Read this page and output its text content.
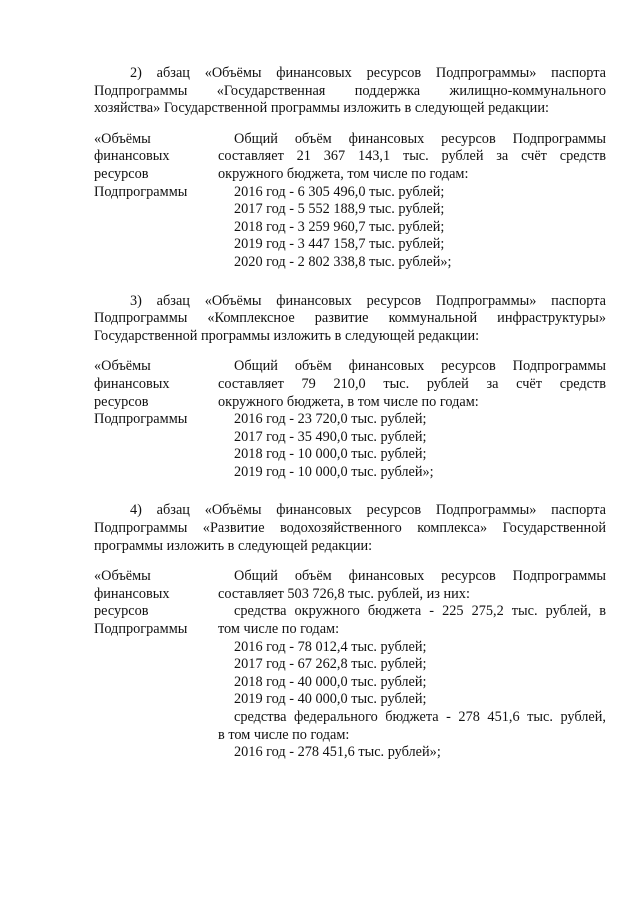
2) абзац «Объёмы финансовых ресурсов Подпрограммы» паспорта
Подпрограммы «Государственная поддержка жилищно-коммунального
хозяйства» Государственной программы изложить в следующей редакции:
«Объёмы
финансовых
ресурсов
Подпрограммы
Общий объём финансовых ресурсов Подпрограммы
составляет 21 367 143,1 тыс. рублей за счёт средств
окружного бюджета, том числе по годам:
2016 год - 6 305 496,0 тыс. рублей;
2017 год - 5 552 188,9 тыс. рублей;
2018 год - 3 259 960,7 тыс. рублей;
2019 год - 3 447 158,7 тыс. рублей;
2020 год - 2 802 338,8 тыс. рублей»;
3) абзац «Объёмы финансовых ресурсов Подпрограммы» паспорта
Подпрограммы «Комплексное развитие коммунальной инфраструктуры»
Государственной программы изложить в следующей редакции:
«Объёмы
финансовых
ресурсов
Подпрограммы
Общий объём финансовых ресурсов Подпрограммы
составляет 79 210,0 тыс. рублей за счёт средств
окружного бюджета, в том числе по годам:
2016 год - 23 720,0 тыс. рублей;
2017 год - 35 490,0 тыс. рублей;
2018 год - 10 000,0 тыс. рублей;
2019 год - 10 000,0 тыс. рублей»;
4) абзац «Объёмы финансовых ресурсов Подпрограммы» паспорта
Подпрограммы «Развитие водохозяйственного комплекса» Государственной
программы изложить в следующей редакции:
«Объёмы
финансовых
ресурсов
Подпрограммы
Общий объём финансовых ресурсов Подпрограммы
составляет 503 726,8 тыс. рублей, из них:
средства окружного бюджета - 225 275,2 тыс. рублей, в
том числе по годам:
2016 год - 78 012,4 тыс. рублей;
2017 год - 67 262,8 тыс. рублей;
2018 год - 40 000,0 тыс. рублей;
2019 год - 40 000,0 тыс. рублей;
средства федерального бюджета - 278 451,6 тыс. рублей,
в том числе по годам:
2016 год - 278 451,6 тыс. рублей»;
